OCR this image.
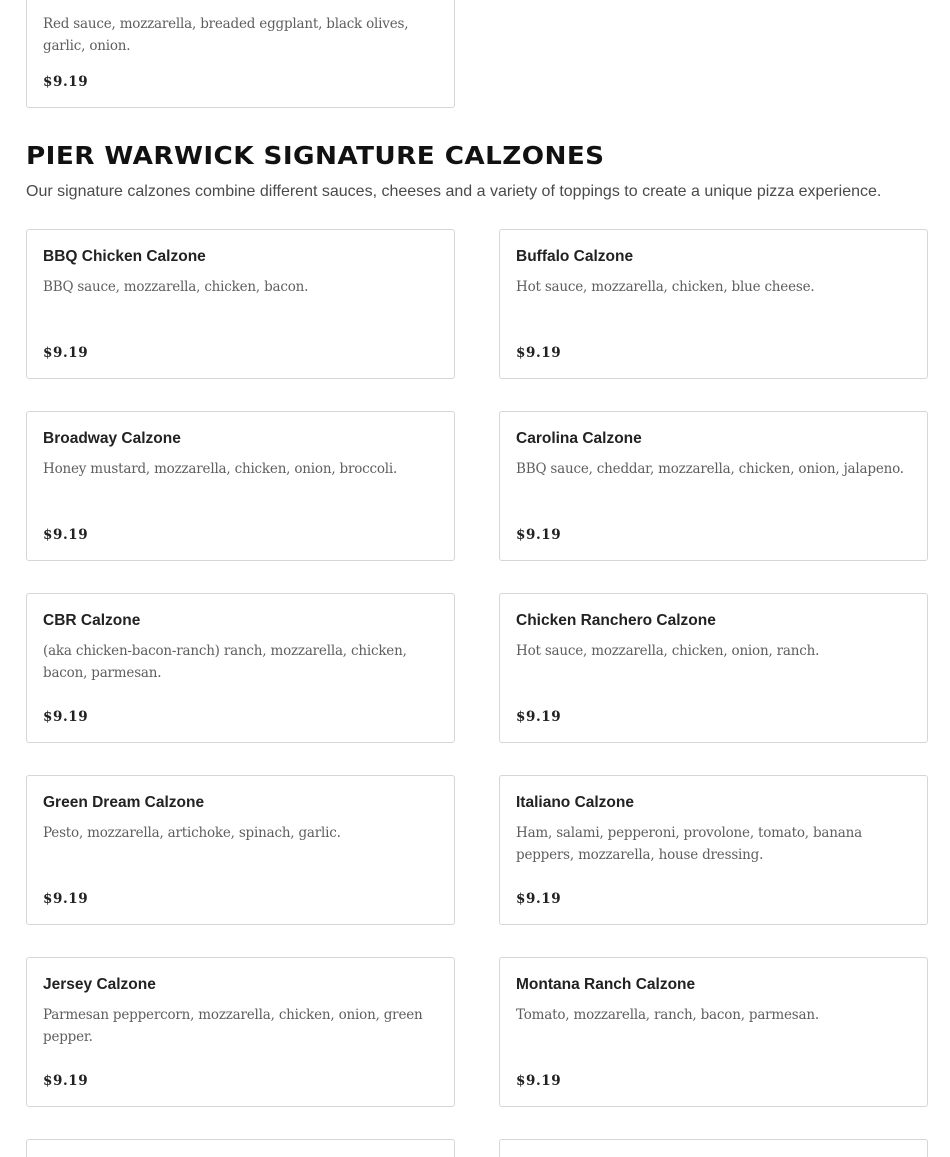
Red sauce, mozzarella, breaded eggplant, black olives, garlic, onion.
$9.19
PIER WARWICK SIGNATURE CALZONES

Our signature calzones combine different sauces, cheeses and a variety of toppings to create a unique pizza experience.

BBQ Chicken Calzone
BBQ sauce, mozzarella, chicken, bacon.
$9.19
Buffalo Calzone
Hot sauce, mozzarella, chicken, blue cheese.
$9.19
Broadway Calzone
Honey mustard, mozzarella, chicken, onion, broccoli.
$9.19
Carolina Calzone
BBQ sauce, cheddar, mozzarella, chicken, onion, jalapeno.
$9.19
CBR Calzone
(aka chicken-bacon-ranch) ranch, mozzarella, chicken, bacon, parmesan.
$9.19
Chicken Ranchero Calzone
Hot sauce, mozzarella, chicken, onion, ranch.
$9.19
Green Dream Calzone
Pesto, mozzarella, artichoke, spinach, garlic.
$9.19
Italiano Calzone
Ham, salami, pepperoni, provolone, tomato, banana peppers, mozzarella, house dressing.
$9.19
Jersey Calzone
Parmesan peppercorn, mozzarella, chicken, onion, green pepper.
$9.19
Montana Ranch Calzone
Tomato, mozzarella, ranch, bacon, parmesan.
$9.19
